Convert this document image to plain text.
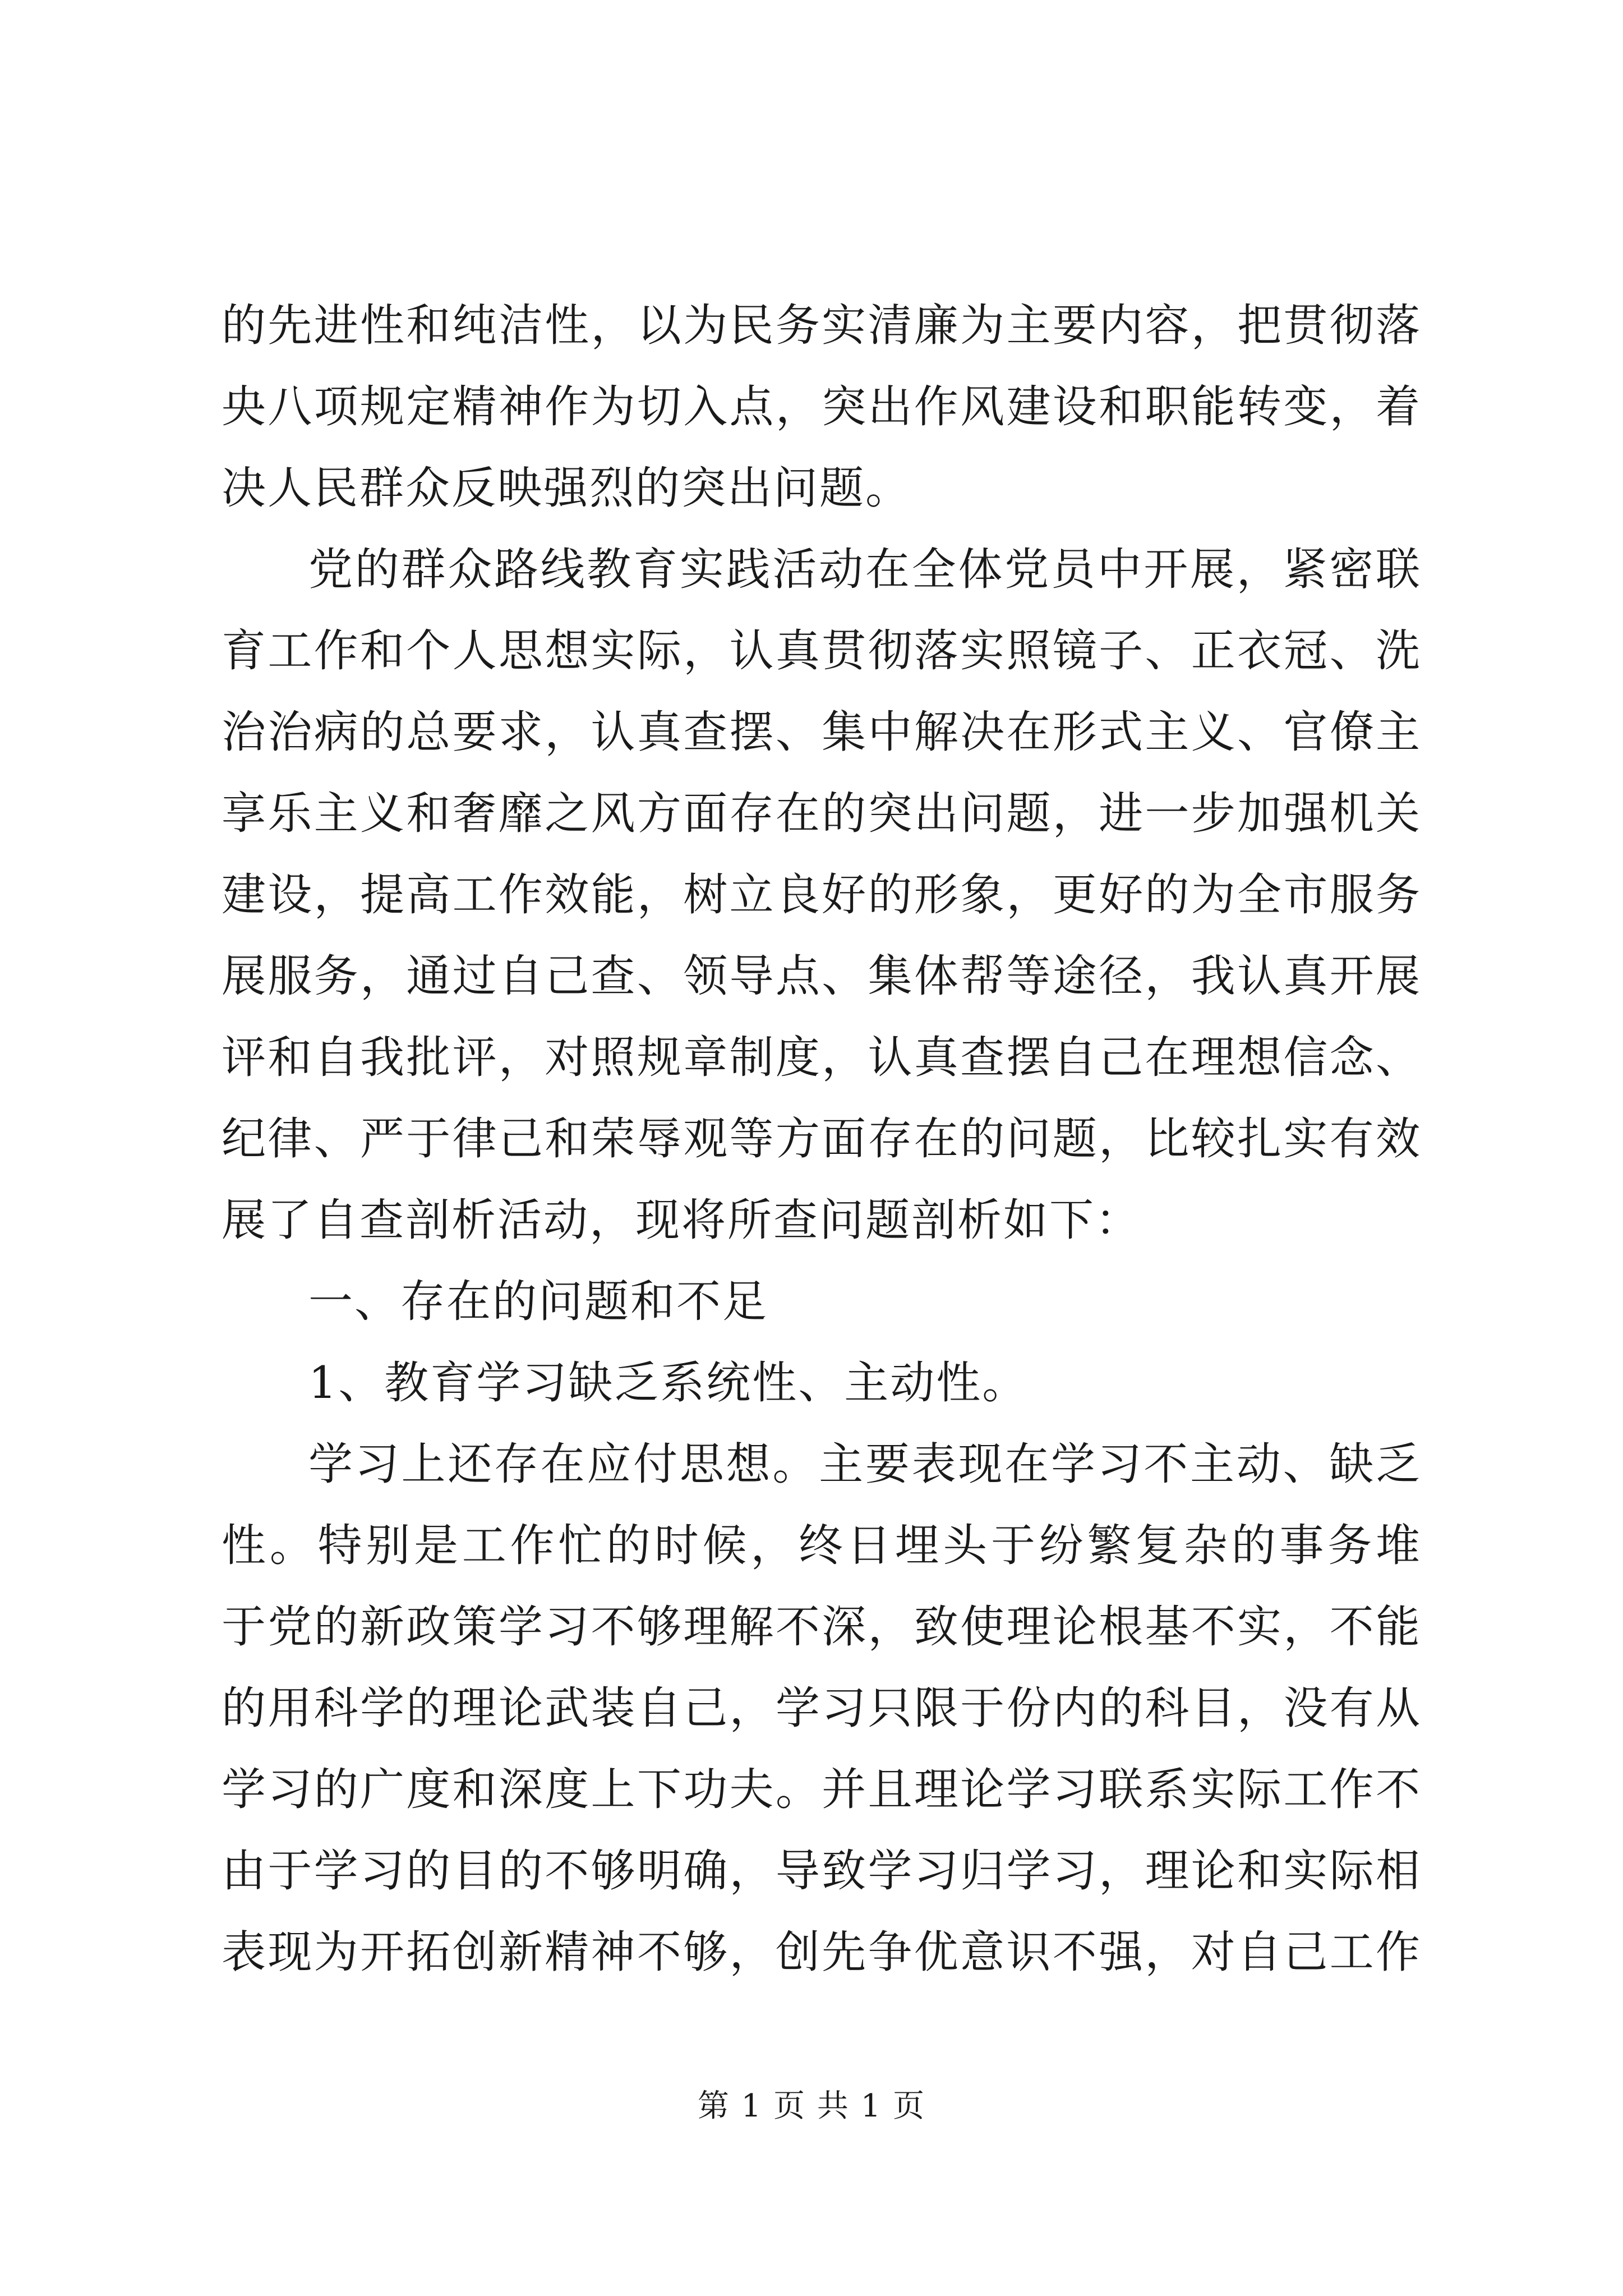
的先进性和纯洁性，以为民务实清廉为主要内容，把贯彻落
央八项规定精神作为切入点，突出作风建设和职能转变，着
决人民群众反映强烈的突出问题。
党的群众路线教育实践活动在全体党员中开展，紧密联
育工作和个人思想实际，认真贯彻落实照镜子、正衣冠、洗
治治病的总要求，认真查摆、集中解决在形式主义、官僚主
享乐主义和奢靡之风方面存在的突出问题，进一步加强机关
建设，提高工作效能，树立良好的形象，更好的为全市服务
展服务，通过自己查、领导点、集体帮等途径，我认真开展
评和自我批评，对照规章制度，认真查摆自己在理想信念、
纪律、严于律己和荣辱观等方面存在的问题，比较扎实有效
展了自查剖析活动，现将所查问题剖析如下：
一、存在的问题和不足
1、教育学习缺乏系统性、主动性。
学习上还存在应付思想。主要表现在学习不主动、缺乏
性。特别是工作忙的时候，终日埋头于纷繁复杂的事务堆
于党的新政策学习不够理解不深，致使理论根基不实，不能
的用科学的理论武装自己，学习只限于份内的科目，没有从
学习的广度和深度上下功夫。并且理论学习联系实际工作不
由于学习的目的不够明确，导致学习归学习，理论和实际相
表现为开拓创新精神不够，创先争优意识不强，对自己工作
第 1 页 共 1 页
